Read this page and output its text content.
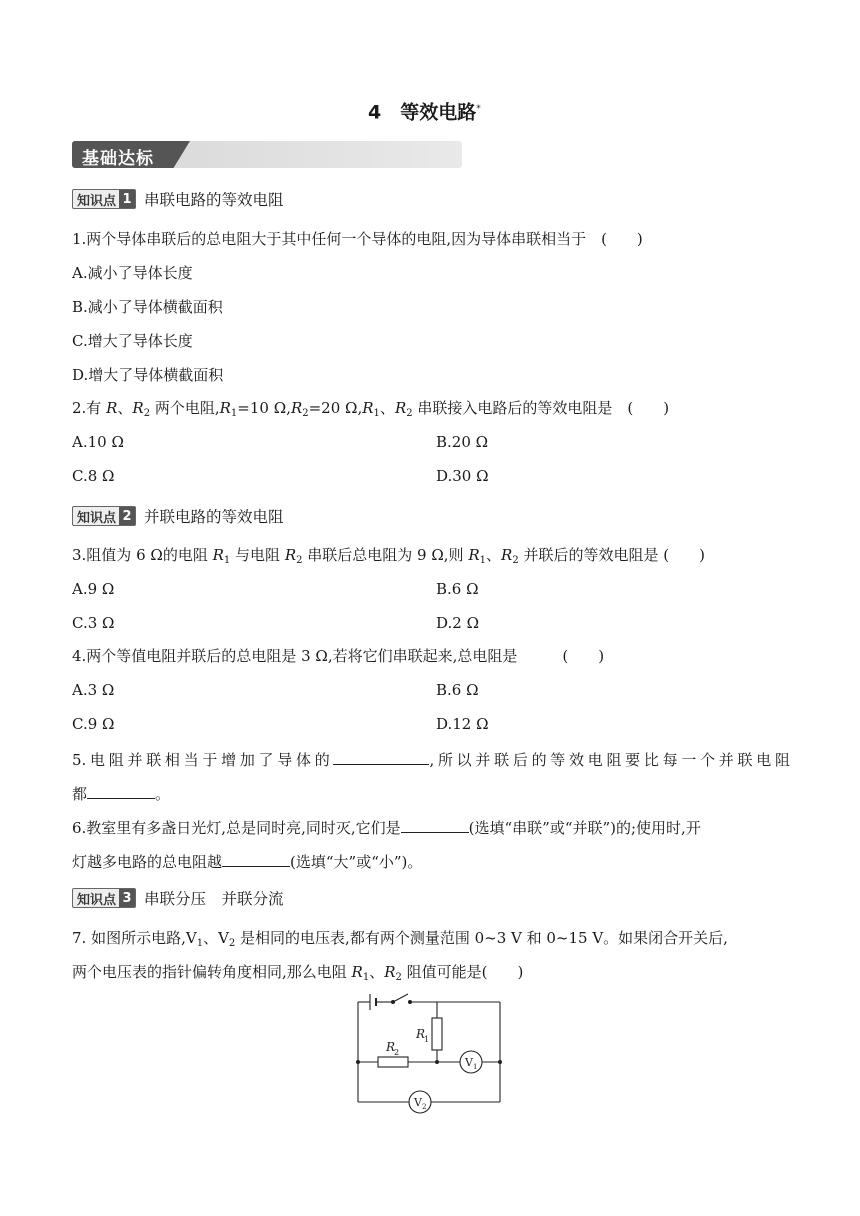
4　等效电路*
基础达标
知识点 1 串联电路的等效电阻
1.两个导体串联后的总电阻大于其中任何一个导体的电阻,因为导体串联相当于　(　　)
A.减小了导体长度
B.减小了导体横截面积
C.增大了导体长度
D.增大了导体横截面积
2.有 R、$R_2$ 两个电阻$,R_1=10$ $\Omega,R_2=20$ $\Omega,R_1$、$R_2$ 串联接入电路后的等效电阻是　(　　)
A.10 Ω	B.20 Ω
C.8 Ω	D.30 Ω
知识点 2 并联电路的等效电阻
3.阻值为 6 Ω的电阻 $R_1$ 与电阻 $R_2$ 串联后总电阻为 9 Ω,则 $R_1$、$R_2$ 并联后的等效电阻是 (　　)
A.9 Ω	B.6 Ω
C.3 Ω	D.2 Ω
4.两个等值电阻并联后的总电阻是 3 Ω,若将它们串联起来,总电阻是　　　(　　)
A.3 Ω	B.6 Ω
C.9 Ω	D.12 Ω
5.电阻并联相当于增加了导体的	,所以并联后的等效电阻要比每一个并联电阻
都	。
6.教室里有多盏日光灯,总是同时亮,同时灭,它们是	(选填“串联”或“并联”)的;使用时,开
灯越多电路的总电阻越	(选填“大”或“小”)。
知识点 3 串联分压　并联分流
7. 如图所示电路$,V_1$、$V_2$ 是相同的电压表,都有两个测量范围 0~3 V 和 0~15 V。如果闭合开关后,
两个电压表的指针偏转角度相同,那么电阻 $R_1$、$R_2$ 阻值可能是(　　)
R
1
R
2
V 1
V 2
